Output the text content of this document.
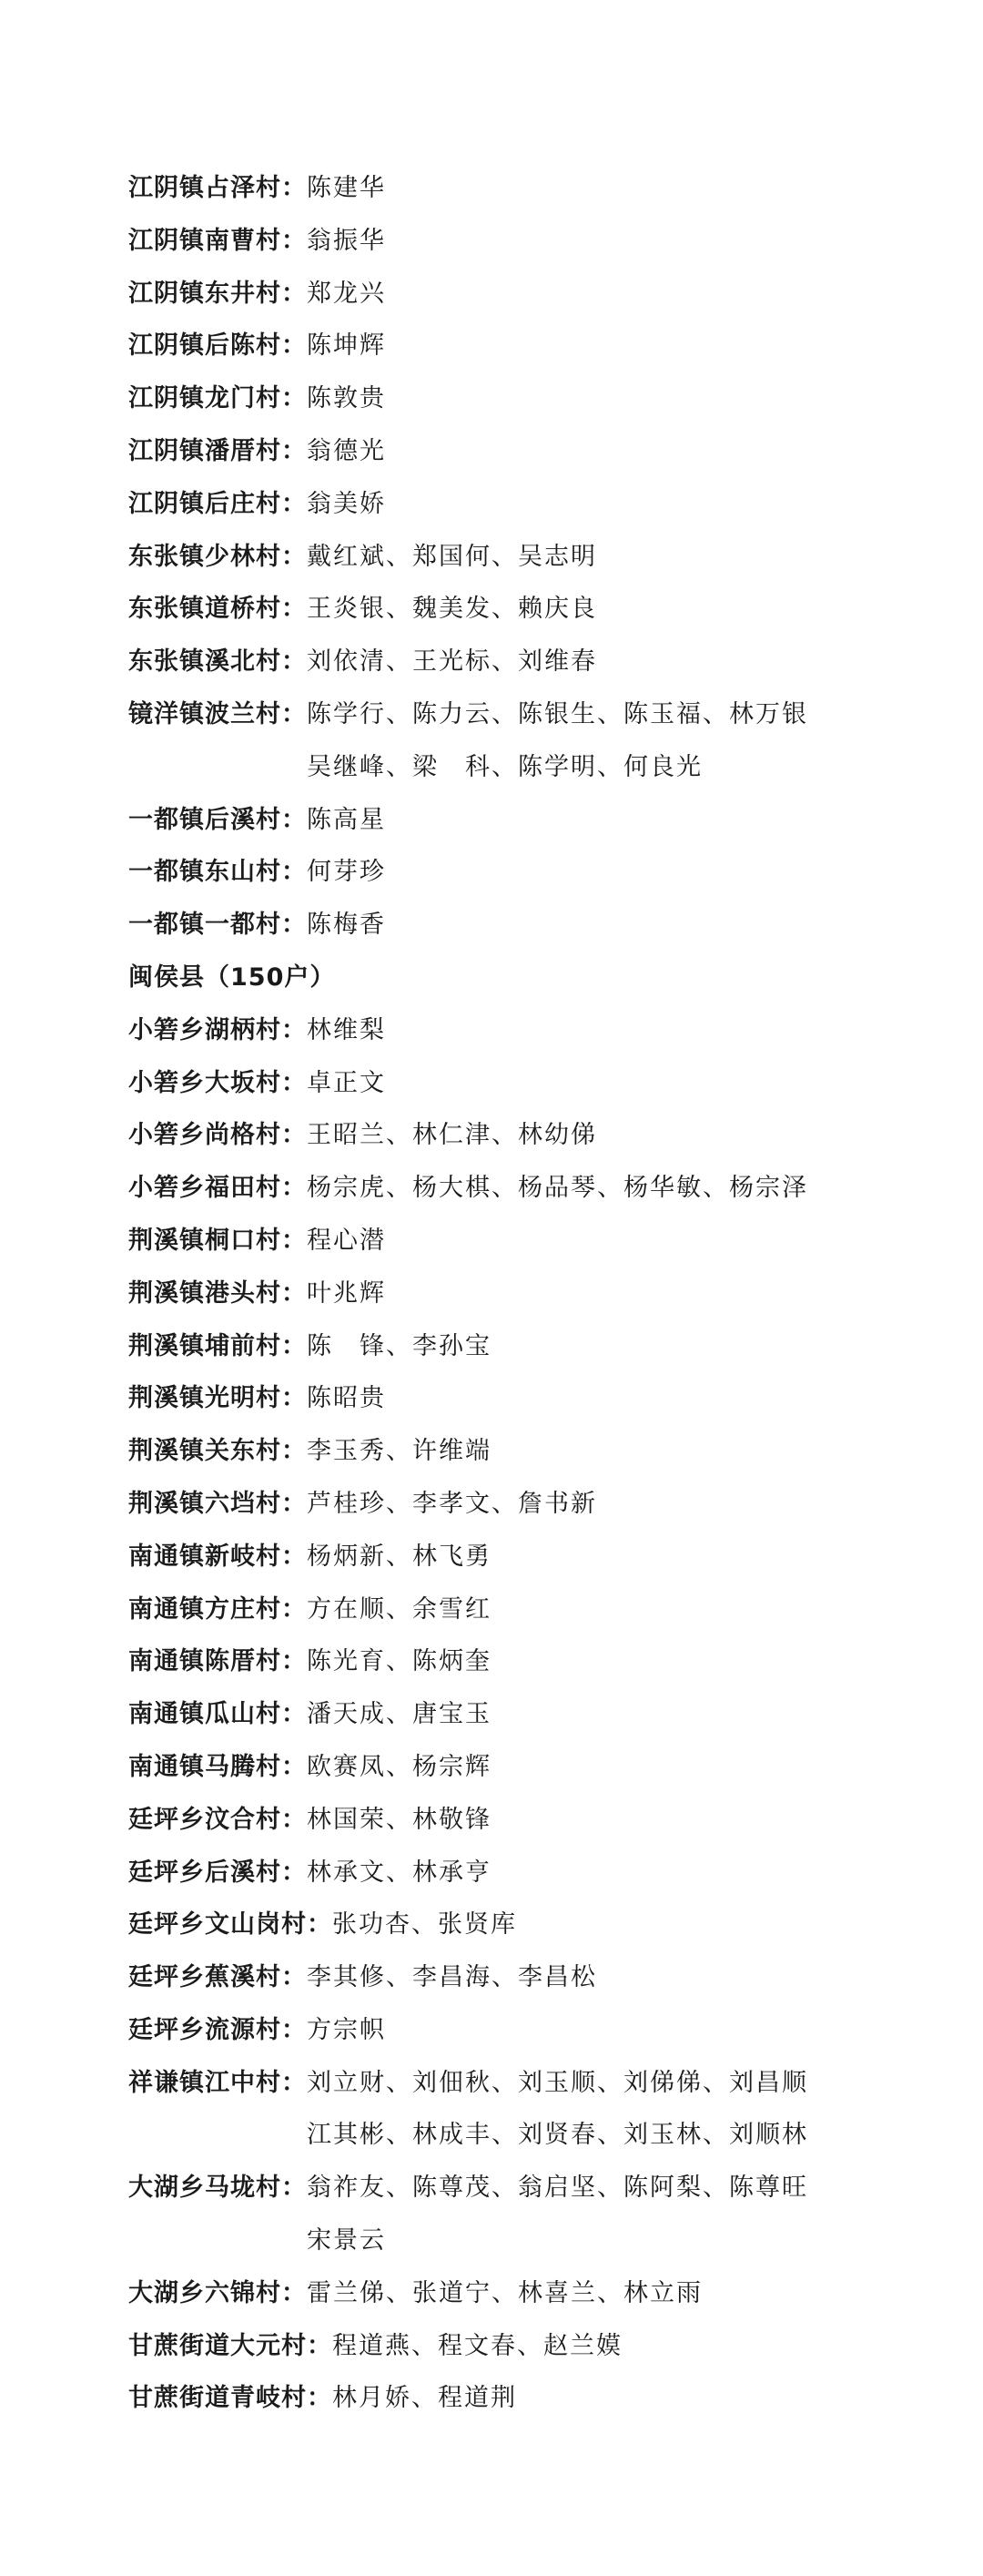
江阴镇占泽村： 陈建华
江阴镇南曹村： 翁振华
江阴镇东井村： 郑龙兴
江阴镇后陈村： 陈坤辉
江阴镇龙门村： 陈敦贵
江阴镇潘厝村： 翁德光
江阴镇后庄村： 翁美娇
东张镇少林村： 戴红斌、郑国何、吴志明
东张镇道桥村： 王炎银、魏美发、赖庆良
东张镇溪北村： 刘依清、王光标、刘维春
镜洋镇波兰村： 陈学行、陈力云、陈银生、陈玉福、林万银
吴继峰、梁　科、陈学明、何良光
一都镇后溪村： 陈高星
一都镇东山村： 何芽珍
一都镇一都村： 陈梅香
闽侯县（150户）
小箬乡湖柄村： 林维梨
小箬乡大坂村： 卓正文
小箬乡尚格村： 王昭兰、林仁津、林幼俤
小箬乡福田村： 杨宗虎、杨大棋、杨品琴、杨华敏、杨宗泽
荆溪镇桐口村： 程心潜
荆溪镇港头村： 叶兆辉
荆溪镇埔前村： 陈　锋、李孙宝
荆溪镇光明村： 陈昭贵
荆溪镇关东村： 李玉秀、许维端
荆溪镇六垱村： 芦桂珍、李孝文、詹书新
南通镇新岐村： 杨炳新、林飞勇
南通镇方庄村： 方在顺、余雪红
南通镇陈厝村： 陈光育、陈炳奎
南通镇瓜山村： 潘天成、唐宝玉
南通镇马腾村： 欧赛凤、杨宗辉
廷坪乡汶合村： 林国荣、林敬锋
廷坪乡后溪村： 林承文、林承亨
廷坪乡文山岗村： 张功杏、张贤库
廷坪乡蕉溪村： 李其修、李昌海、李昌松
廷坪乡流源村： 方宗帜
祥谦镇江中村： 刘立财、刘佃秋、刘玉顺、刘俤俤、刘昌顺
江其彬、林成丰、刘贤春、刘玉林、刘顺林
大湖乡马垅村： 翁祚友、陈尊茂、翁启坚、陈阿梨、陈尊旺
宋景云
大湖乡六锦村： 雷兰俤、张道宁、林喜兰、林立雨
甘蔗街道大元村： 程道燕、程文春、赵兰嫫
甘蔗街道青岐村： 林月娇、程道荆
